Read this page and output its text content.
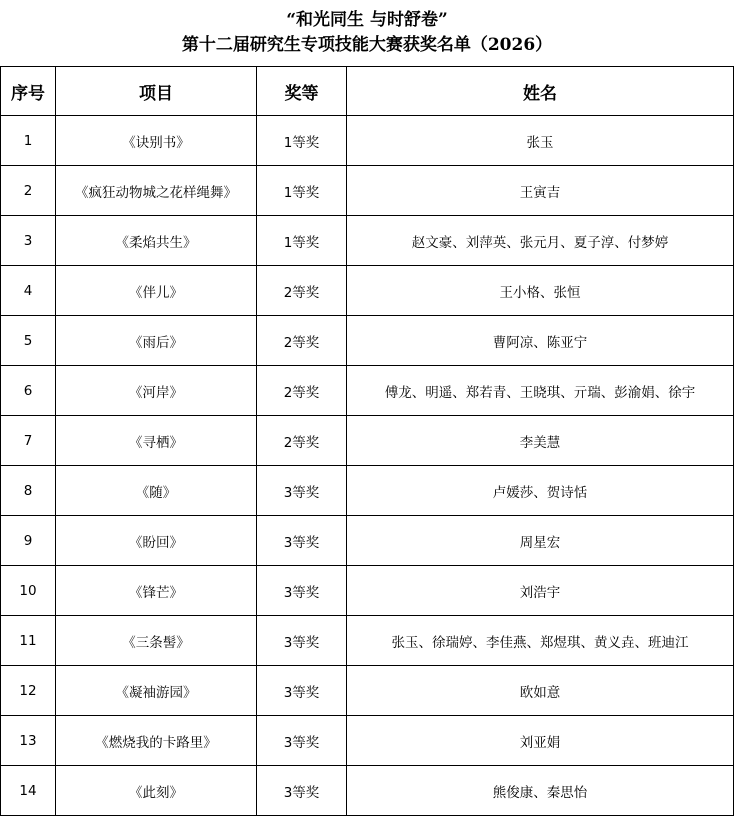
“和光同生 与时舒卷”
第十二届研究生专项技能大赛获奖名单（2026）
序号	项目	奖等	姓名
1	《诀别书》	1等奖	张玉
2	《疯狂动物城之花样绳舞》	1等奖	王寅吉
3	《柔焰共生》	1等奖	赵文豪、刘萍英、张元月、夏子淳、付梦婷
4	《伴儿》	2等奖	王小格、张恒
5	《雨后》	2等奖	曹阿凉、陈亚宁
6	《河岸》	2等奖	傅龙、明遥、郑若青、王晓琪、亓瑞、彭渝娟、徐宇
7	《寻栖》	2等奖	李美慧
8	《随》	3等奖	卢媛莎、贺诗恬
9	《盼回》	3等奖	周星宏
10	《锋芒》	3等奖	刘浩宇
11	《三条髻》	3等奖	张玉、徐瑞婷、李佳燕、郑煜琪、黄义垚、班迪江
12	《凝袖游园》	3等奖	欧如意
13	《燃烧我的卡路里》	3等奖	刘亚娟
14	《此刻》	3等奖	熊俊康、秦思怡
